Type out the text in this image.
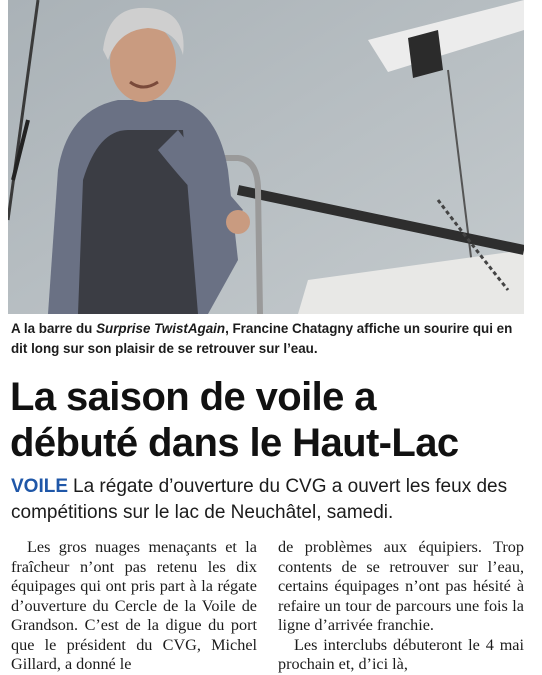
A la barre du Surprise TwistAgain, Francine Chatagny affiche un sourire qui en dit long sur son plaisir de se retrouver sur l’eau.
La saison de voile a
débuté dans le Haut-Lac
VOILE La régate d’ouverture du CVG a ouvert les feux des compétitions sur le lac de Neuchâtel, samedi.

Les gros nuages menaçants et la fraîcheur n’ont pas retenu les dix équipages qui ont pris part à la régate d’ouverture du Cercle de la Voile de Grandson. C’est de la digue du port que le président du CVG, Michel Gillard, a donné le

de problèmes aux équipiers. Trop contents de se retrouver sur l’eau, certains équipages n’ont pas hésité à refaire un tour de parcours une fois la ligne d’arrivée franchie.

Les interclubs débuteront le 4 mai prochain et, d’ici là,
